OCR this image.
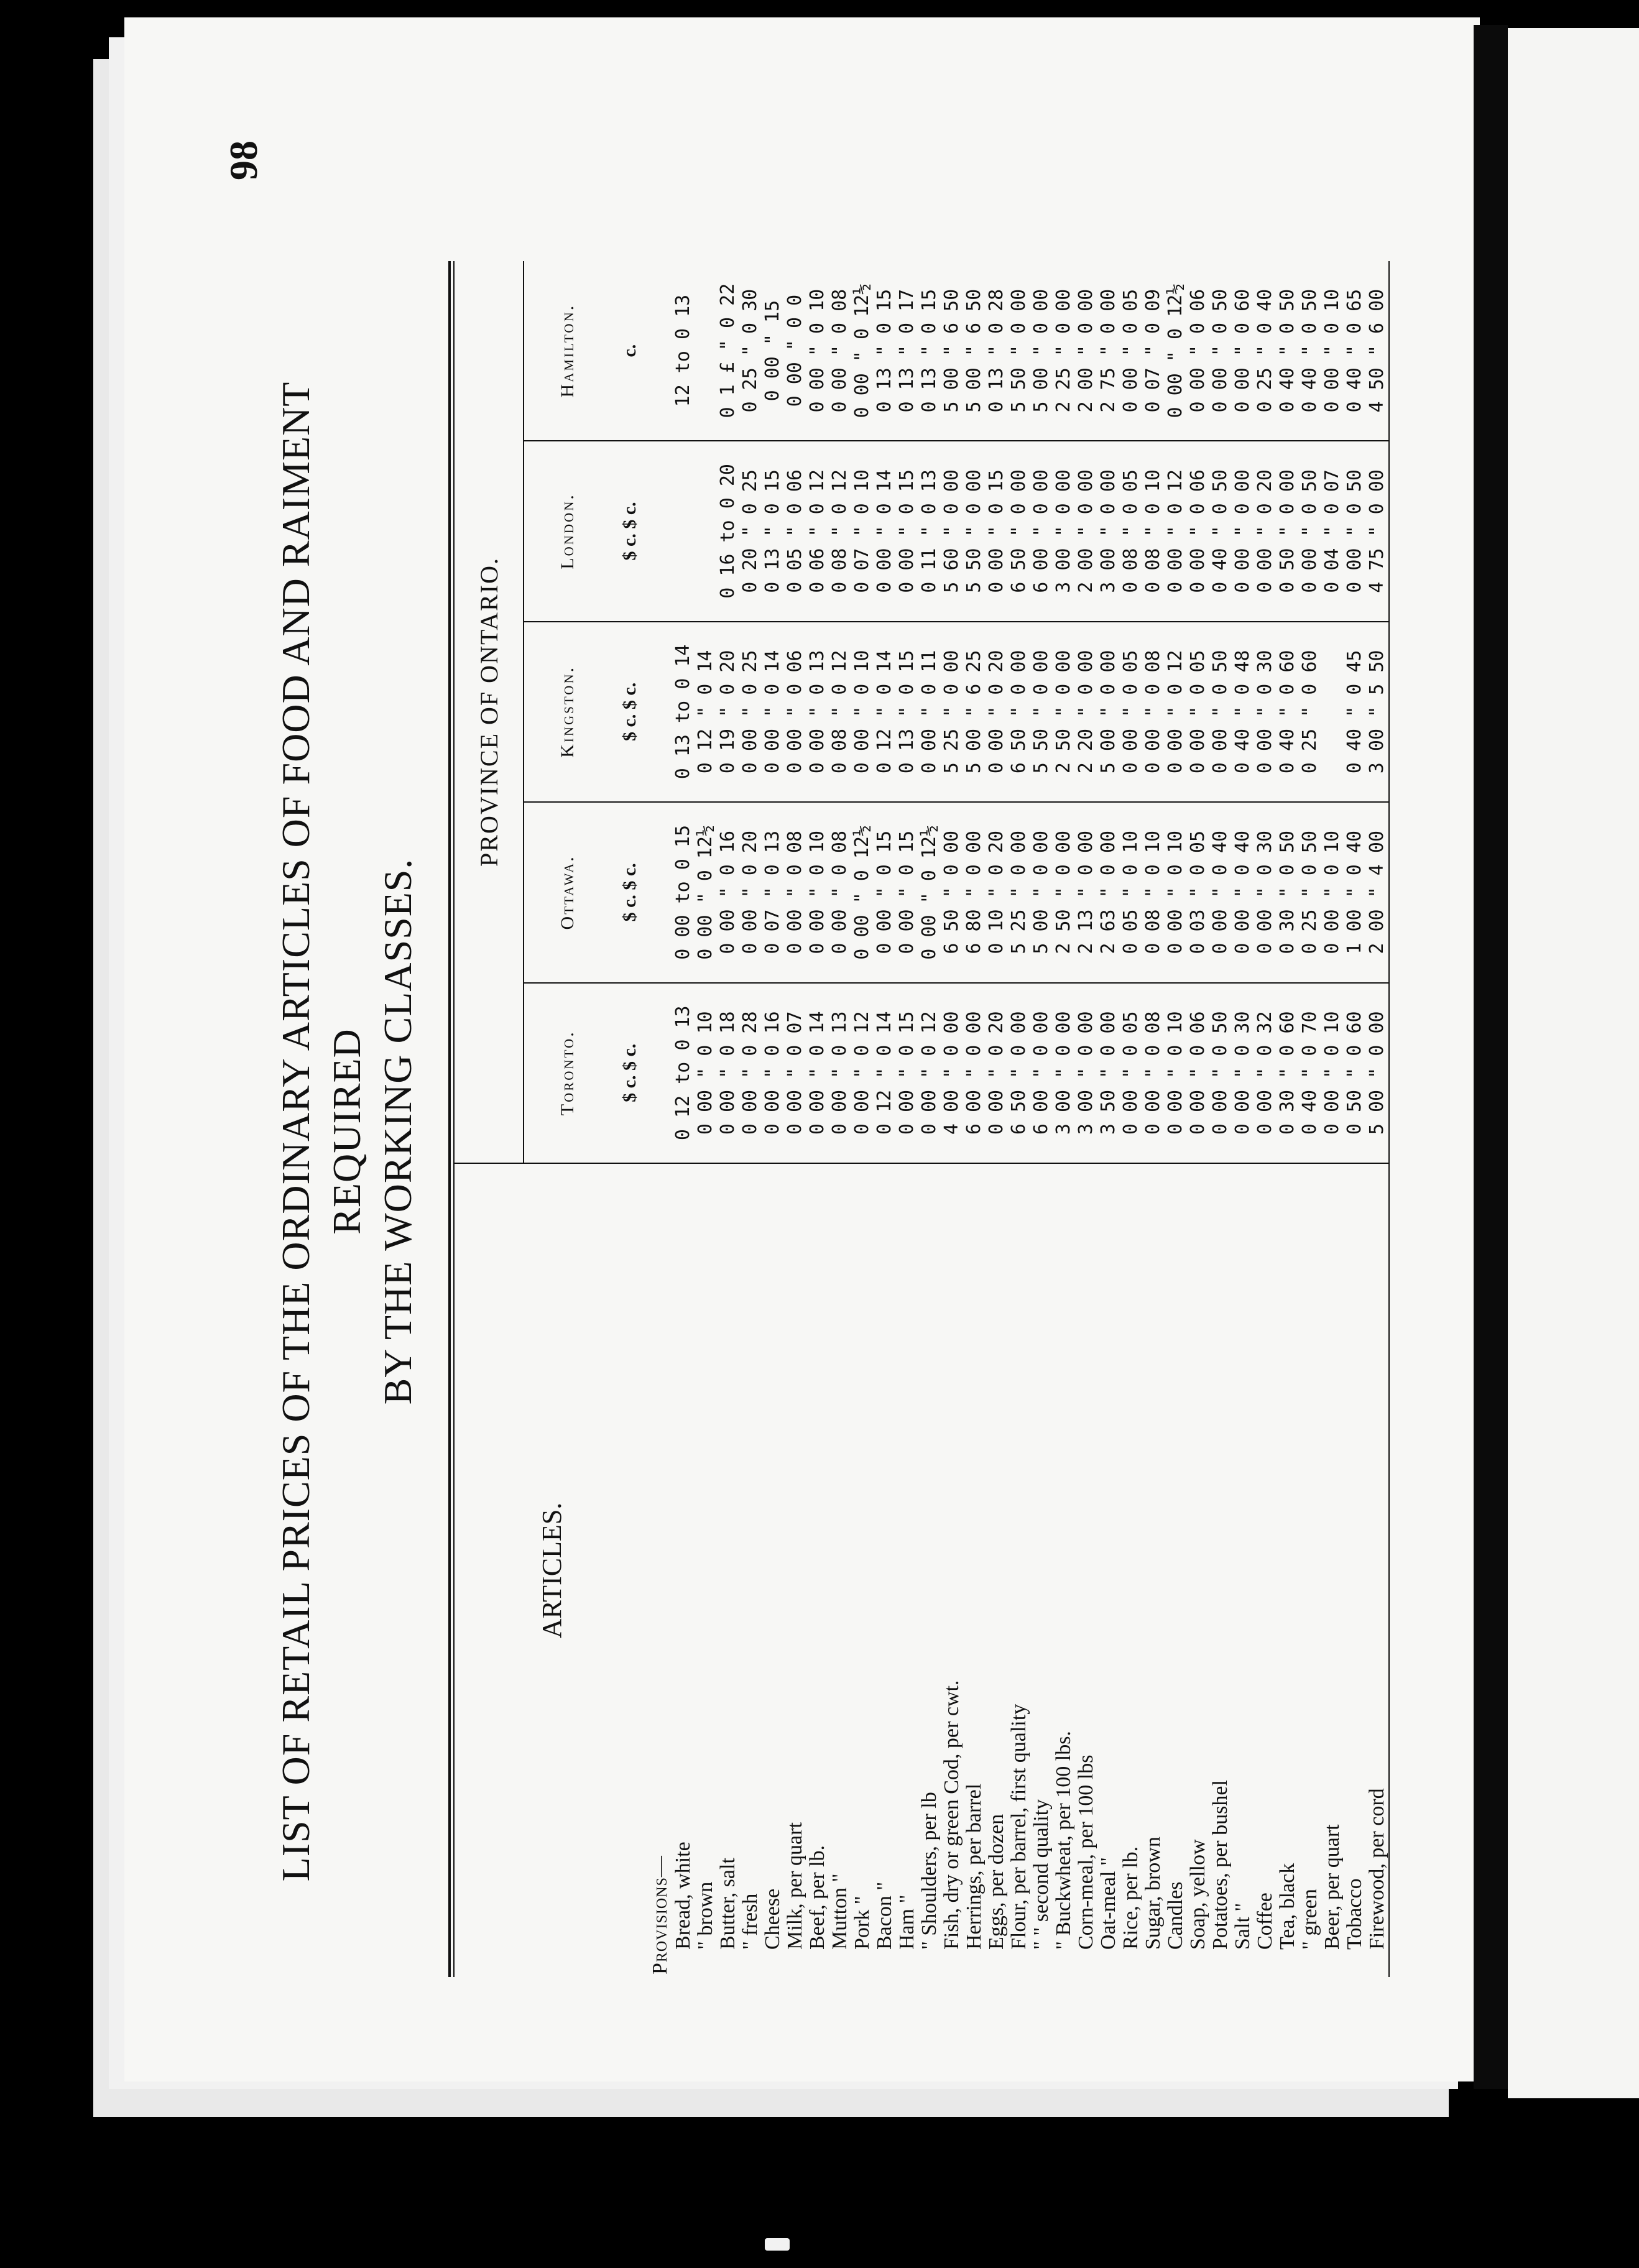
98
LIST OF RETAIL PRICES OF THE ORDINARY ARTICLES OF FOOD AND RAIMENT REQUIRED BY THE WORKING CLASSES.
ARTICLES.	PROVINCE OF ONTARIO.				
	Toronto.	Ottawa.	Kingston.	London.	Hamilton.
	$ c. $ c.	$ c. $ c.	$ c. $ c.	$ c. $ c.	c.
Provisions—					
Bread, white	0 12 to 0 13	0 00 to 0 15	0 13 to 0 14		12 to 0 13
" brown	0 00 " 0 10	0 00 " 0 12½	0 12 " 0 14		
Butter, salt	0 00 " 0 18	0 00 " 0 16	0 19 " 0 20	0 16 to 0 20	0 1 £ " 0 22
" fresh	0 00 " 0 28	0 00 " 0 20	0 00 " 0 25	0 20 " 0 25	0 25 " 0 30
Cheese	0 00 " 0 16	0 07 " 0 13	0 00 " 0 14	0 13 " 0 15	0 00 " 15
Milk, per quart	0 00 " 0 07	0 00 " 0 08	0 00 " 0 06	0 05 " 0 06	0 00 " 0 0
Beef, per lb.	0 00 " 0 14	0 00 " 0 10	0 00 " 0 13	0 06 " 0 12	0 00 " 0 10
Mutton "	0 00 " 0 13	0 00 " 0 08	0 08 " 0 12	0 08 " 0 12	0 00 " 0 08
Pork "	0 00 " 0 12	0 00 " 0 12½	0 00 " 0 10	0 07 " 0 10	0 00 " 0 12½
Bacon "	0 12 " 0 14	0 00 " 0 15	0 12 " 0 14	0 00 " 0 14	0 13 " 0 15
Ham "	0 00 " 0 15	0 00 " 0 15	0 13 " 0 15	0 00 " 0 15	0 13 " 0 17
" Shoulders, per lb	0 00 " 0 12	0 00 " 0 12½	0 00 " 0 11	0 11 " 0 13	0 13 " 0 15
Fish, dry or green Cod, per cwt.	4 00 " 0 00	6 50 " 0 00	5 25 " 0 00	5 60 " 0 00	5 00 " 6 50
Herrings, per barrel	6 00 " 0 00	6 80 " 0 00	5 00 " 6 25	5 50 " 0 00	5 00 " 6 50
Eggs, per dozen	0 00 " 0 20	0 10 " 0 20	0 00 " 0 20	0 00 " 0 15	0 13 " 0 28
Flour, per barrel, first quality	6 50 " 0 00	5 25 " 0 00	6 50 " 0 00	6 50 " 0 00	5 50 " 0 00
" " second quality	6 00 " 0 00	5 00 " 0 00	5 50 " 0 00	6 00 " 0 00	5 00 " 0 00
" Buckwheat, per 100 lbs.	3 00 " 0 00	2 50 " 0 00	2 50 " 0 00	3 00 " 0 00	2 25 " 0 00
Corn-meal, per 100 lbs	3 00 " 0 00	2 13 " 0 00	2 20 " 0 00	2 00 " 0 00	2 00 " 0 00
Oat-meal "	3 50 " 0 00	2 63 " 0 00	5 00 " 0 00	3 00 " 0 00	2 75 " 0 00
Rice, per lb.	0 00 " 0 05	0 05 " 0 10	0 00 " 0 05	0 08 " 0 05	0 00 " 0 05
Sugar, brown	0 00 " 0 08	0 08 " 0 10	0 00 " 0 08	0 08 " 0 10	0 07 " 0 09
Candles	0 00 " 0 10	0 00 " 0 10	0 00 " 0 12	0 00 " 0 12	0 00 " 0 12½
Soap, yellow	0 00 " 0 06	0 03 " 0 05	0 00 " 0 05	0 00 " 0 06	0 00 " 0 06
Potatoes, per bushel	0 00 " 0 50	0 00 " 0 40	0 00 " 0 50	0 40 " 0 50	0 00 " 0 50
Salt "	0 00 " 0 30	0 00 " 0 40	0 40 " 0 48	0 00 " 0 00	0 00 " 0 60
Coffee	0 00 " 0 32	0 00 " 0 30	0 00 " 0 30	0 00 " 0 20	0 25 " 0 40
Tea, black	0 30 " 0 60	0 30 " 0 50	0 40 " 0 60	0 50 " 0 00	0 40 " 0 50
" green	0 40 " 0 70	0 25 " 0 50	0 25 " 0 60	0 00 " 0 50	0 40 " 0 50
Beer, per quart	0 00 " 0 10	0 00 " 0 10		0 04 " 0 07	0 00 " 0 10
Tobacco	0 50 " 0 60	1 00 " 0 40	0 40 " 0 45	0 00 " 0 50	0 40 " 0 65
Firewood, per cord	5 00 " 0 00	2 00 " 4 00	3 00 " 5 50	4 75 " 0 00	4 50 " 6 00
